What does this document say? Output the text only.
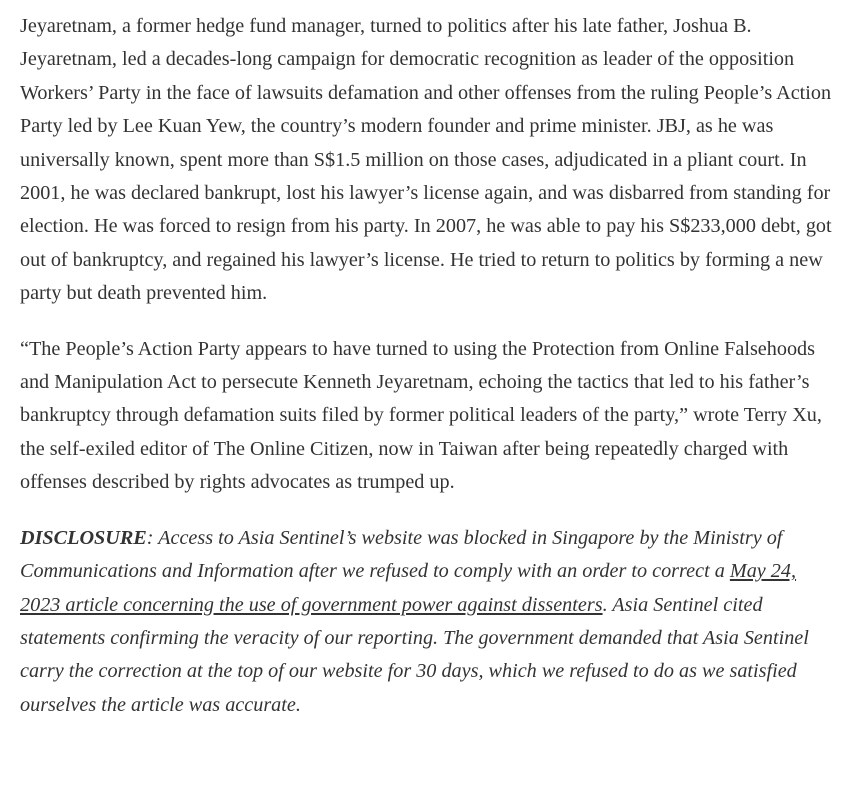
Jeyaretnam, a former hedge fund manager, turned to politics after his late father, Joshua B. Jeyaretnam, led a decades-long campaign for democratic recognition as leader of the opposition Workers’ Party in the face of lawsuits defamation and other offenses from the ruling People’s Action Party led by Lee Kuan Yew, the country’s modern founder and prime minister. JBJ, as he was universally known, spent more than S$1.5 million on those cases, adjudicated in a pliant court. In 2001, he was declared bankrupt, lost his lawyer’s license again, and was disbarred from standing for election. He was forced to resign from his party. In 2007, he was able to pay his S$233,000 debt, got out of bankruptcy, and regained his lawyer’s license. He tried to return to politics by forming a new party but death prevented him.

“The People’s Action Party appears to have turned to using the Protection from Online Falsehoods and Manipulation Act to persecute Kenneth Jeyaretnam, echoing the tactics that led to his father’s bankruptcy through defamation suits filed by former political leaders of the party,” wrote Terry Xu, the self-exiled editor of The Online Citizen, now in Taiwan after being repeatedly charged with offenses described by rights advocates as trumped up.

DISCLOSURE: Access to Asia Sentinel’s website was blocked in Singapore by the Ministry of Communications and Information after we refused to comply with an order to correct a May 24, 2023 article concerning the use of government power against dissenters. Asia Sentinel cited statements confirming the veracity of our reporting. The government demanded that Asia Sentinel carry the correction at the top of our website for 30 days, which we refused to do as we satisfied ourselves the article was accurate.
